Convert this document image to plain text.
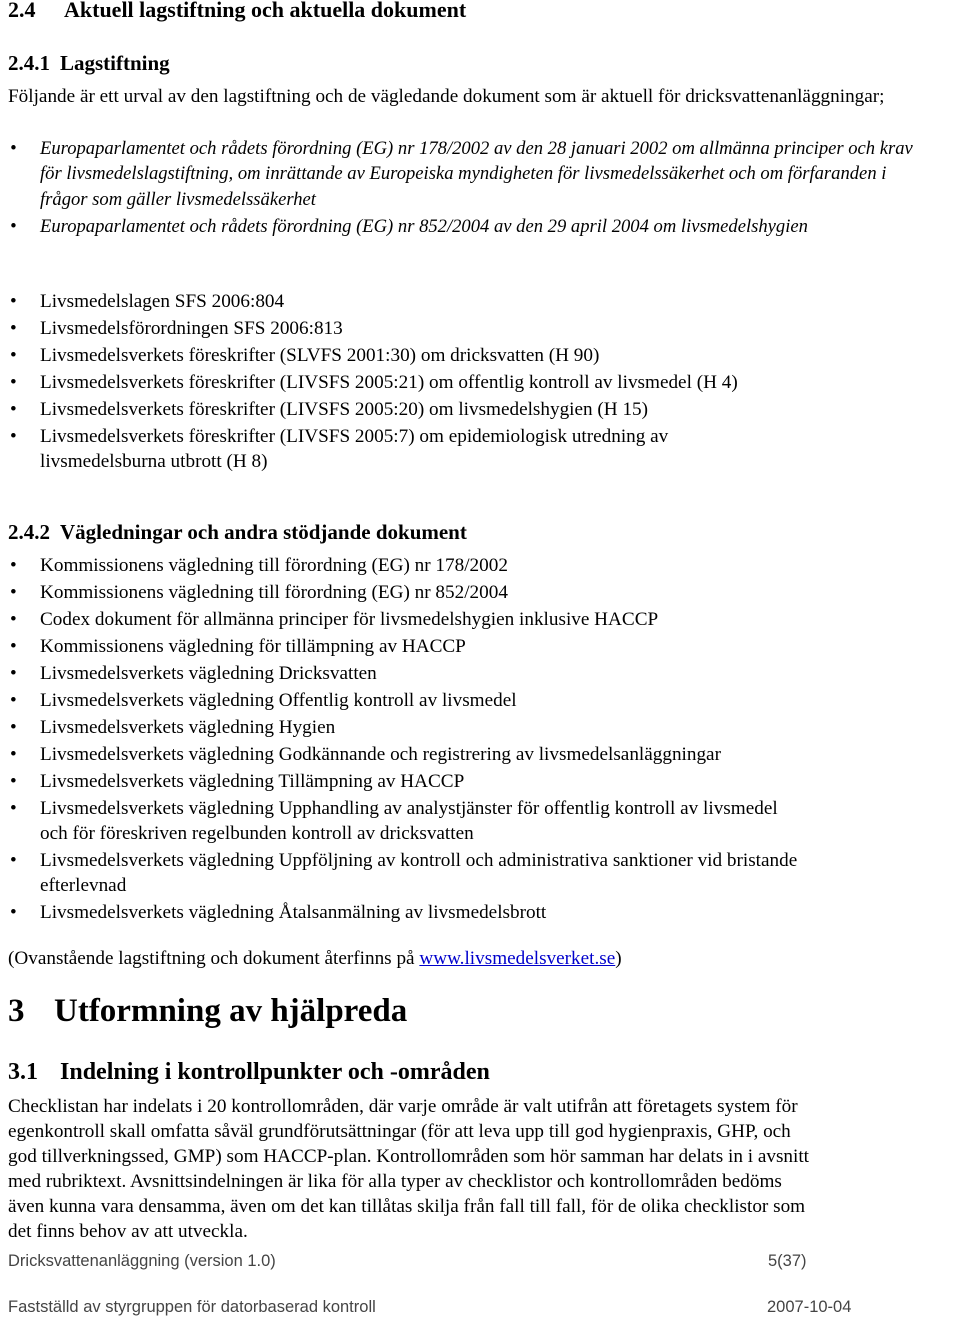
2.4 Aktuell lagstiftning och aktuella dokument
2.4.1 Lagstiftning

Följande är ett urval av den lagstiftning och de vägledande dokument som är aktuell för dricksvattenanläggningar;

• Europaparlamentet och rådets förordning (EG) nr 178/2002 av den 28 januari 2002 om allmänna principer och krav för livsmedelslagstiftning, om inrättande av Europeiska myndigheten för livsmedelssäkerhet och om förfaranden i frågor som gäller livsmedelssäkerhet
• Europaparlamentet och rådets förordning (EG) nr 852/2004 av den 29 april 2004 om livsmedelshygien
• Livsmedelslagen SFS 2006:804
• Livsmedelsförordningen SFS 2006:813
• Livsmedelsverkets föreskrifter (SLVFS 2001:30) om dricksvatten (H 90)
• Livsmedelsverkets föreskrifter (LIVSFS 2005:21) om offentlig kontroll av livsmedel (H 4)
• Livsmedelsverkets föreskrifter (LIVSFS 2005:20) om livsmedelshygien (H 15)
• Livsmedelsverkets föreskrifter (LIVSFS 2005:7) om epidemiologisk utredning av livsmedelsburna utbrott (H 8)
2.4.2 Vägledningar och andra stödjande dokument
• Kommissionens vägledning till förordning (EG) nr 178/2002
• Kommissionens vägledning till förordning (EG) nr 852/2004
• Codex dokument för allmänna principer för livsmedelshygien inklusive HACCP
• Kommissionens vägledning för tillämpning av HACCP
• Livsmedelsverkets vägledning Dricksvatten
• Livsmedelsverkets vägledning Offentlig kontroll av livsmedel
• Livsmedelsverkets vägledning Hygien
• Livsmedelsverkets vägledning Godkännande och registrering av livsmedelsanläggningar
• Livsmedelsverkets vägledning Tillämpning av HACCP
• Livsmedelsverkets vägledning Upphandling av analystjänster för offentlig kontroll av livsmedel och för föreskriven regelbunden kontroll av dricksvatten
• Livsmedelsverkets vägledning Uppföljning av kontroll och administrativa sanktioner vid bristande efterlevnad
• Livsmedelsverkets vägledning Åtalsanmälning av livsmedelsbrott

(Ovanstående lagstiftning och dokument återfinns på www.livsmedelsverket.se)

3 Utformning av hjälpreda
3.1 Indelning i kontrollpunkter och -områden

Checklistan har indelats i 20 kontrollområden, där varje område är valt utifrån att företagets system för egenkontroll skall omfatta såväl grundförutsättningar (för att leva upp till god hygienpraxis, GHP, och god tillverkningssed, GMP) som HACCP-plan. Kontrollområden som hör samman har delats in i avsnitt med rubriktext. Avsnittsindelningen är lika för alla typer av checklistor och kontrollområden bedöms även kunna vara densamma, även om det kan tillåtas skilja från fall till fall, för de olika checklistor som det finns behov av att utveckla.

Dricksvattenanläggning (version 1.0)	5(37)
Fastställd av styrgruppen för datorbaserad kontroll	2007-10-04
